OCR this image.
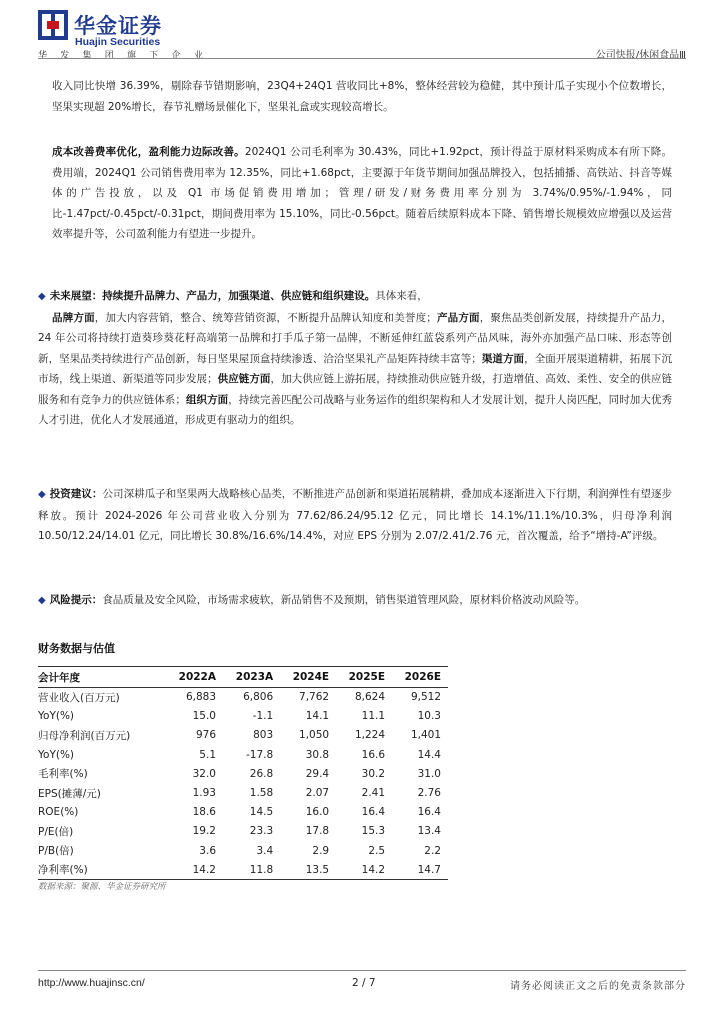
华金证券
Huajin Securities
华 发 集 团 旗 下 企 业	公司快报/休闲食品Ⅲ
收入同比快增 36.39%，剔除春节错期影响，23Q4+24Q1 营收同比+8%，整体经营较为稳健，其中预计瓜子实现小个位数增长，坚果实现超 20%增长，春节礼赠场景催化下，坚果礼盒或实现较高增长。
成本改善费率优化，盈利能力边际改善。2024Q1 公司毛利率为 30.43%，同比+1.92pct，预计得益于原材料采购成本有所下降。费用端，2024Q1 公司销售费用率为 12.35%，同比+1.68pct，主要源于年货节期间加强品牌投入，包括捕播、高铁站、抖音等媒体的广告投放，以及 Q1 市场促销费用增加；管理/研发/财务费用率分别为 3.74%/0.95%/-1.94%，同比-1.47pct/-0.45pct/-0.31pct，期间费用率为 15.10%，同比-0.56pct。随着后续原料成本下降、销售增长规模效应增强以及运营效率提升等，公司盈利能力有望进一步提升。
◆ 未来展望：持续提升品牌力、产品力，加强渠道、供应链和组织建设。具体来看，
品牌方面，加大内容营销，整合、统筹营销资源，不断提升品牌认知度和美誉度；产品方面，聚焦品类创新发展，持续提升产品力，24 年公司将持续打造葵珍葵花籽高端第一品牌和打手瓜子第一品牌，不断延伸红蓝袋系列产品风味，海外亦加强产品口味、形态等创新，坚果品类持续进行产品创新，每日坚果屋顶盒持续渗透、洽洽坚果礼产品矩阵持续丰富等；渠道方面，全面开展渠道精耕，拓展下沉市场，线上渠道、新渠道等同步发展；供应链方面，加大供应链上游拓展，持续推动供应链升级，打造增值、高效、柔性、安全的供应链服务和有竞争力的供应链体系；组织方面，持续完善匹配公司战略与业务运作的组织架构和人才发展计划，提升人岗匹配，同时加大优秀人才引进，优化人才发展通道，形成更有驱动力的组织。
◆ 投资建议：公司深耕瓜子和坚果两大战略核心品类，不断推进产品创新和渠道拓展精耕，叠加成本逐渐进入下行期，利润弹性有望逐步释放。预计 2024-2026 年公司营业收入分别为 77.62/86.24/95.12 亿元，同比增长 14.1%/11.1%/10.3%，归母净利润 10.50/12.24/14.01 亿元，同比增长 30.8%/16.6%/14.4%，对应 EPS 分别为 2.07/2.41/2.76 元，首次覆盖，给予“增持-A”评级。
◆ 风险提示：食品质量及安全风险，市场需求疲软，新品销售不及预期，销售渠道管理风险，原材料价格波动风险等。
财务数据与估值
会计年度	2022A	2023A	2024E	2025E	2026E
营业收入(百万元)	6,883	6,806	7,762	8,624	9,512
YoY(%)	15.0	-1.1	14.1	11.1	10.3
归母净利润(百万元)	976	803	1,050	1,224	1,401
YoY(%)	5.1	-17.8	30.8	16.6	14.4
毛利率(%)	32.0	26.8	29.4	30.2	31.0
EPS(摊薄/元)	1.93	1.58	2.07	2.41	2.76
ROE(%)	18.6	14.5	16.0	16.4	16.4
P/E(倍)	19.2	23.3	17.8	15.3	13.4
P/B(倍)	3.6	3.4	2.9	2.5	2.2
净利率(%)	14.2	11.8	13.5	14.2	14.7
数据来源：聚源、华金证券研究所
http://www.huajinsc.cn/	2 / 7	请务必阅读正文之后的免责条款部分
